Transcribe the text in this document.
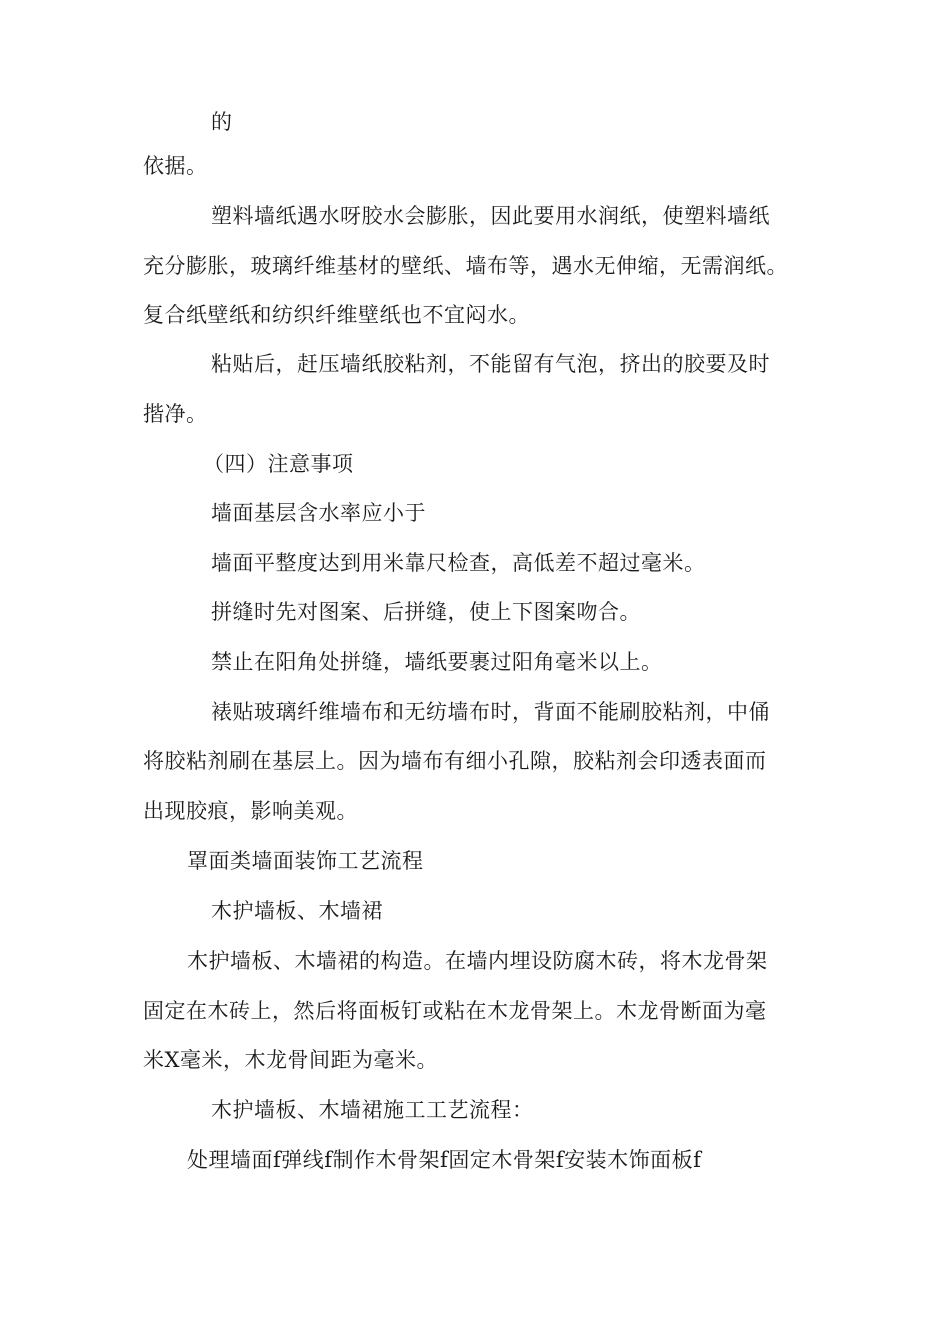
的
依据。
塑料墙纸遇水呀胶水会膨胀，因此要用水润纸，使塑料墙纸
充分膨胀，玻璃纤维基材的壁纸、墙布等，遇水无伸缩，无需润纸。
复合纸壁纸和纺织纤维壁纸也不宜闷水。
粘贴后，赶压墙纸胶粘剂，不能留有气泡，挤出的胶要及时
揩净。
（四）注意事项
墙面基层含水率应小于
墙面平整度达到用米靠尺检查，高低差不超过毫米。
拼缝时先对图案、后拼缝，使上下图案吻合。
禁止在阳角处拼缝，墙纸要裹过阳角毫米以上。
裱贴玻璃纤维墙布和无纺墙布时，背面不能刷胶粘剂，中俑
将胶粘剂刷在基层上。因为墙布有细小孔隙，胶粘剂会印透表面而
出现胶痕，影响美观。
罩面类墙面装饰工艺流程
木护墙板、木墙裙
木护墙板、木墙裙的构造。在墙内埋设防腐木砖，将木龙骨架
固定在木砖上，然后将面板钉或粘在木龙骨架上。木龙骨断面为毫
米X毫米，木龙骨间距为毫米。
木护墙板、木墙裙施工工艺流程：
处理墙面f弹线f制作木骨架f固定木骨架f安装木饰面板f
